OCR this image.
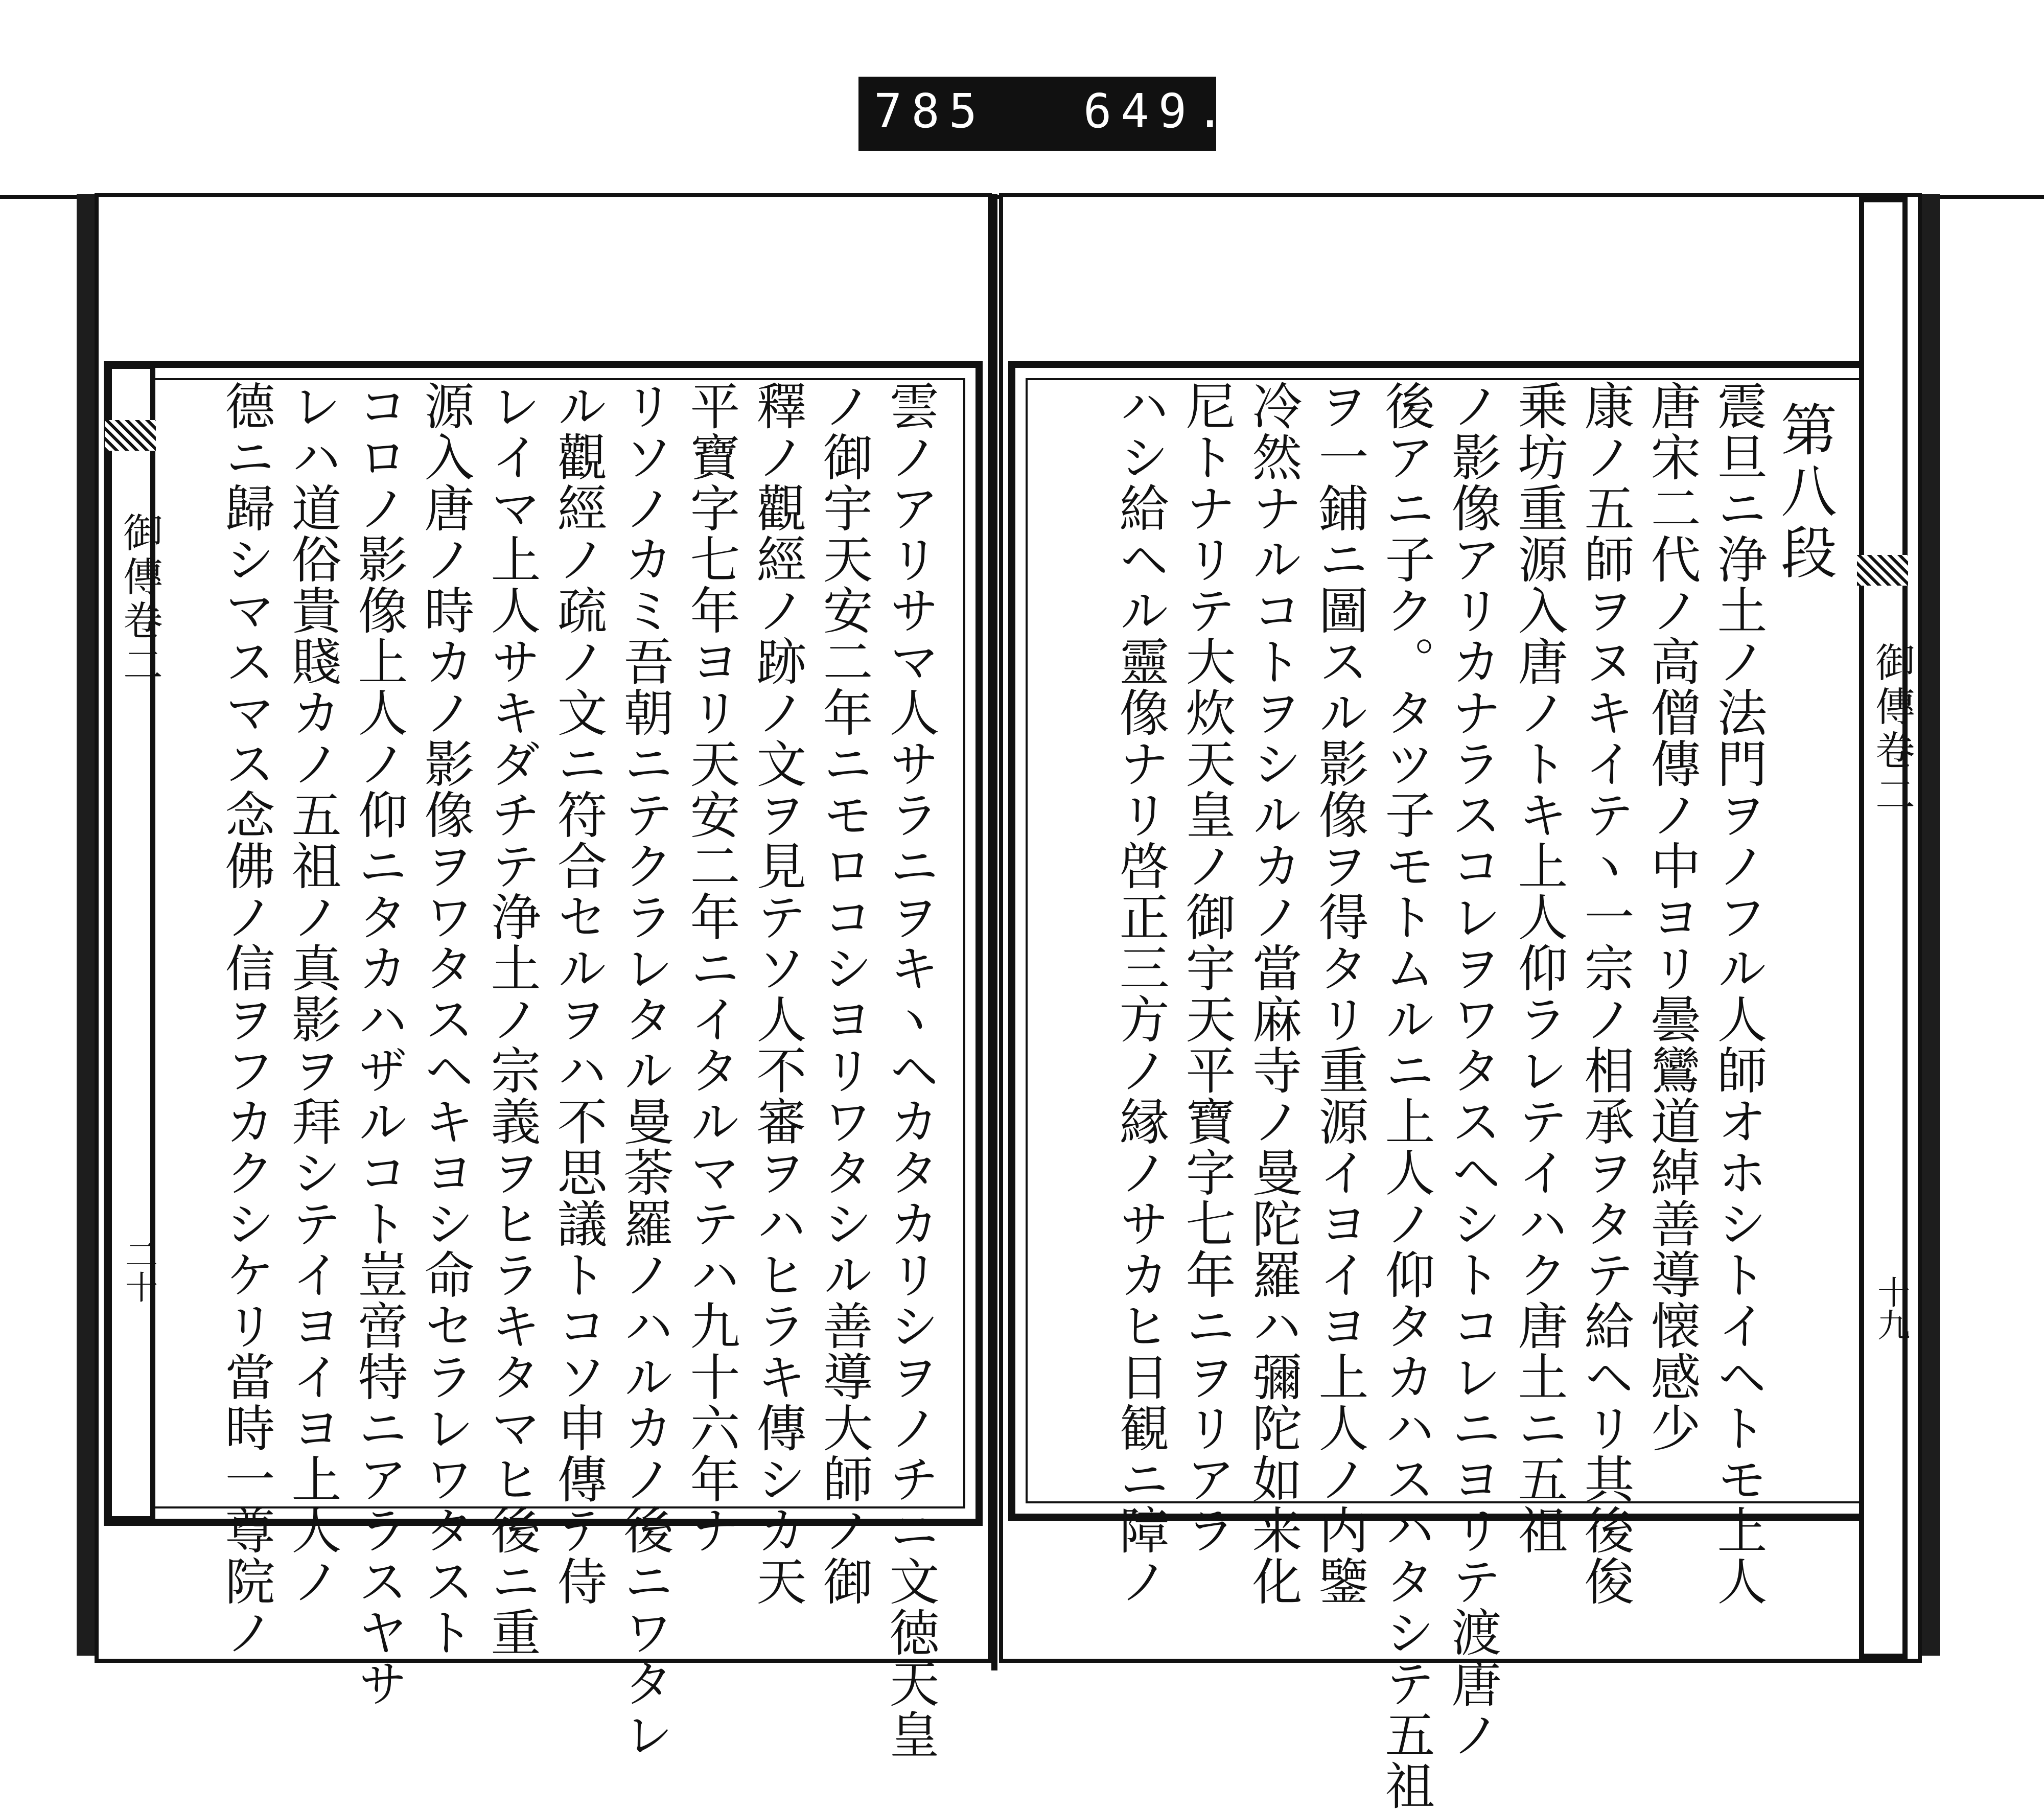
785 649.
雲ノアリサマ人サラニヲキヽヘカタカリシヲノチニ文徳天皇
ノ御宇天安二年ニモロコシヨリワタシル善導大師ノ御
釋ノ觀經ノ跡ノ文ヲ見テソ人不審ヲハヒラキ傳シカ天
平寶字七年ヨリ天安二年ニイタルマテハ九十六年ナ
リソノカミ吾朝ニテクラレタル曼荼羅ノハルカノ後ニワタレ
ル觀經ノ疏ノ文ニ符合セルヲハ不思議トコソ申傳テ侍
レイマ上人サキダチテ浄土ノ宗義ヲヒラキタマヒ後ニ重
源入唐ノ時カノ影像ヲワタスヘキヨシ命セラレワタスト
コロノ影像上人ノ仰ニタカハザルコト豈啻特ニアラスヤサ
レハ道俗貴賤カノ五祖ノ真影ヲ拜シテイヨイヨ上人ノ
德ニ歸シマスマス念佛ノ信ヲフカクシケリ當時一尊院ノ
御傳卷二
二十
第八段
震旦ニ浄土ノ法門ヲノフル人師オホシトイヘトモ上人
唐宋二代ノ高僧傳ノ中ヨリ曇鸞道綽善導懐感少
康ノ五師ヲヌキイテヽ一宗ノ相承ヲタテ給ヘリ其後俊
乗坊重源入唐ノトキ上人仰ラレテイハク唐土ニ五祖
ノ影像アリカナラスコレヲワタスヘシトコレニヨリテ渡唐ノ
後アニ子ク。タツ子モトムルニ上人ノ仰タカハスハタシテ五祖
ヲ一鋪ニ圖スル影像ヲ得タリ重源イヨイヨ上人ノ内鑒
冷然ナルコトヲシルカノ當麻寺ノ曼陀羅ハ彌陀如来化
尼トナリテ大炊天皇ノ御宇天平寶字七年ニヲリアラ
ハシ給ヘル靈像ナリ啓正三方ノ縁ノサカヒ日観ニ障ノ	御傳卷二
十九
